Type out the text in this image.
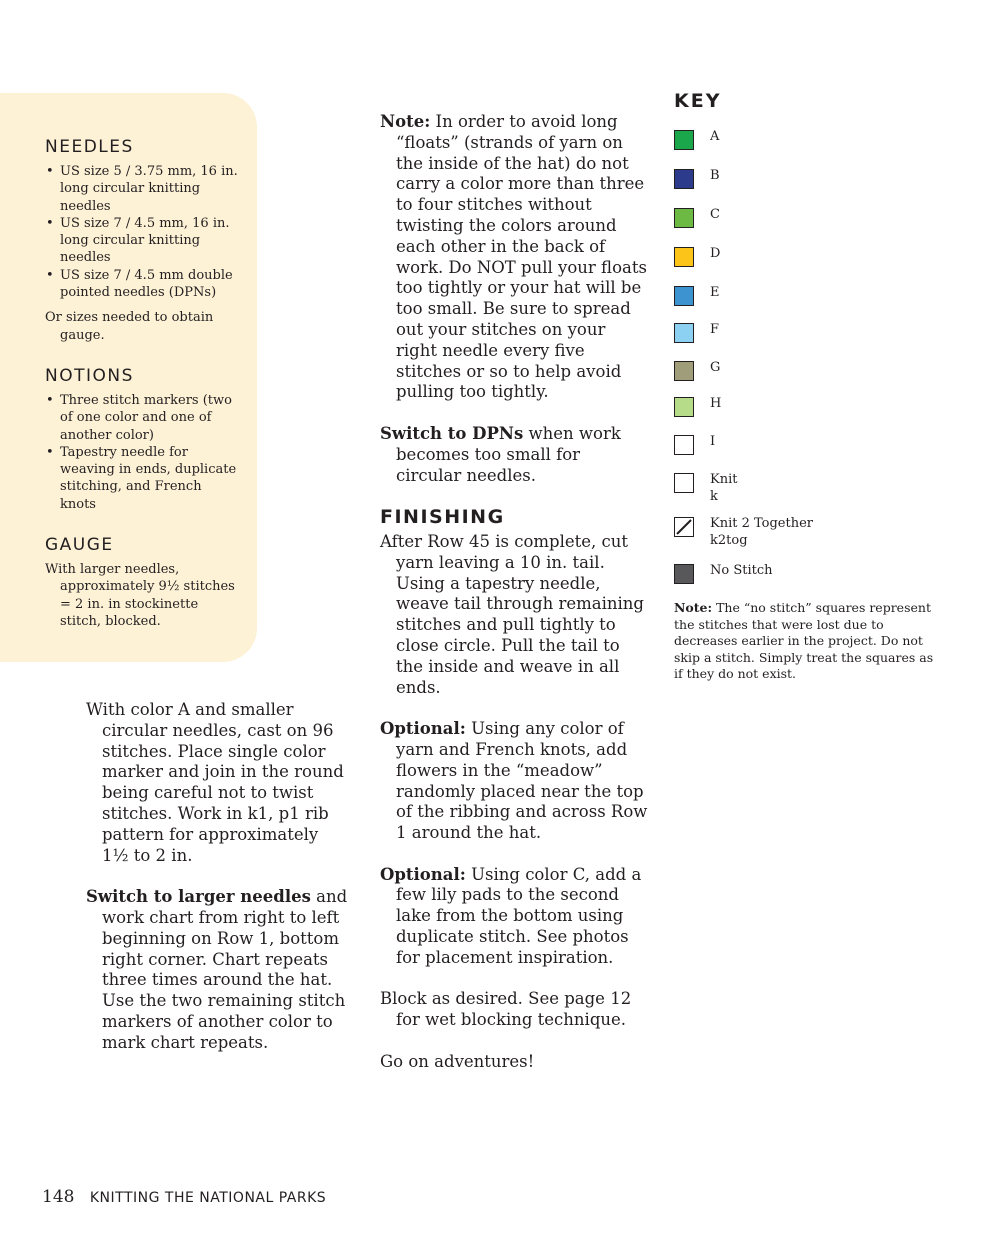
NEEDLES
• US size 5 / 3.75 mm, 16 in. long circular knitting needles
• US size 7 / 4.5 mm, 16 in. long circular knitting needles
• US size 7 / 4.5 mm double pointed needles (DPNs)

Or sizes needed to obtain gauge.

NOTIONS
• Three stitch markers (two of one color and one of another color)
• Tapestry needle for weaving in ends, duplicate stitching, and French knots
GAUGE

With larger needles, approximately 9½ stitches = 2 in. in stockinette stitch, blocked.

With color A and smaller circular needles, cast on 96 stitches. Place single color marker and join in the round being careful not to twist stitches. Work in k1, p1 rib pattern for approximately 1½ to 2 in.

Switch to larger needles and work chart from right to left beginning on Row 1, bottom right corner. Chart repeats three times around the hat. Use the two remaining stitch markers of another color to mark chart repeats.

Note: In order to avoid long “floats” (strands of yarn on the inside of the hat) do not carry a color more than three to four stitches without twisting the colors around each other in the back of work. Do NOT pull your floats too tightly or your hat will be too small. Be sure to spread out your stitches on your right needle every five stitches or so to help avoid pulling too tightly.

Switch to DPNs when work becomes too small for circular needles.

FINISHING

After Row 45 is complete, cut yarn leaving a 10 in. tail. Using a tapestry needle, weave tail through remaining stitches and pull tightly to close circle. Pull the tail to the inside and weave in all ends.

Optional: Using any color of yarn and French knots, add flowers in the “meadow” randomly placed near the top of the ribbing and across Row 1 around the hat.

Optional: Using color C, add a few lily pads to the second lake from the bottom using duplicate stitch. See photos for placement inspiration.

Block as desired. See page 12 for wet blocking technique.

Go on adventures!

KEY
A
B
C
D
E
F
G
H
I
Knit
k
Knit 2 Together
k2tog
No Stitch
Note: The “no stitch” squares represent the stitches that were lost due to decreases earlier in the project. Do not skip a stitch. Simply treat the squares as if they do not exist.
148 KNITTING THE NATIONAL PARKS
